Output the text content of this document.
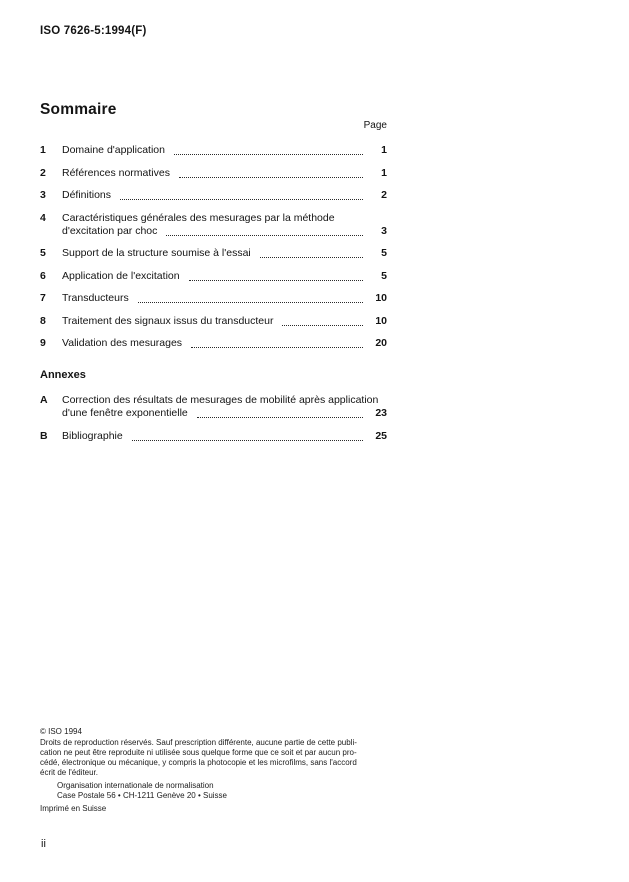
ISO 7626-5:1994(F)
Sommaire
Page
1	Domaine d'application	1
2	Références normatives	1
3	Définitions	2
4	Caractéristiques générales des mesurages par la méthode
d'excitation par choc	3
5	Support de la structure soumise à l'essai	5
6	Application de l'excitation	5
7	Transducteurs	10
8	Traitement des signaux issus du transducteur	10
9	Validation des mesurages	20
Annexes
A	Correction des résultats de mesurages de mobilité après application
d'une fenêtre exponentielle	23
B	Bibliographie	25
© ISO 1994
Droits de reproduction réservés. Sauf prescription différente, aucune partie de cette publi-
cation ne peut être reproduite ni utilisée sous quelque forme que ce soit et par aucun pro-
cédé, électronique ou mécanique, y compris la photocopie et les microfilms, sans l'accord
écrit de l'éditeur.
Organisation internationale de normalisation
Case Postale 56 • CH-1211 Genève 20 • Suisse
Imprimé en Suisse
ii
